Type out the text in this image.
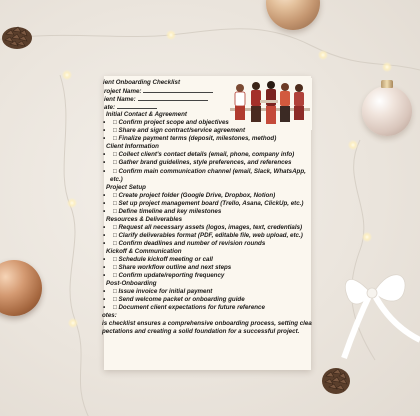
ient Onboarding Checklist
roject Name:
ient Name:
ate:
Initial Contact & Agreement
• □ Confirm project scope and objectives
• □ Share and sign contract/service agreement
• □ Finalize payment terms (deposit, milestones, method)
Client Information
• □ Collect client's contact details (email, phone, company info)
• □ Gather brand guidelines, style preferences, and references
• □ Confirm main communication channel (email, Slack, WhatsApp,
etc.)
Project Setup
• □ Create project folder (Google Drive, Dropbox, Notion)
• □ Set up project management board (Trello, Asana, ClickUp, etc.)
• □ Define timeline and key milestones
Resources & Deliverables
• □ Request all necessary assets (logos, images, text, credentials)
• □ Clarify deliverables format (PDF, editable file, web upload, etc.)
• □ Confirm deadlines and number of revision rounds
Kickoff & Communication
• □ Schedule kickoff meeting or call
• □ Share workflow outline and next steps
• □ Confirm update/reporting frequency
Post-Onboarding
• □ Issue invoice for initial payment
• □ Send welcome packet or onboarding guide
• □ Document client expectations for future reference
otes:
is checklist ensures a comprehensive onboarding process, setting clea
pectations and creating a solid foundation for a successful project.
